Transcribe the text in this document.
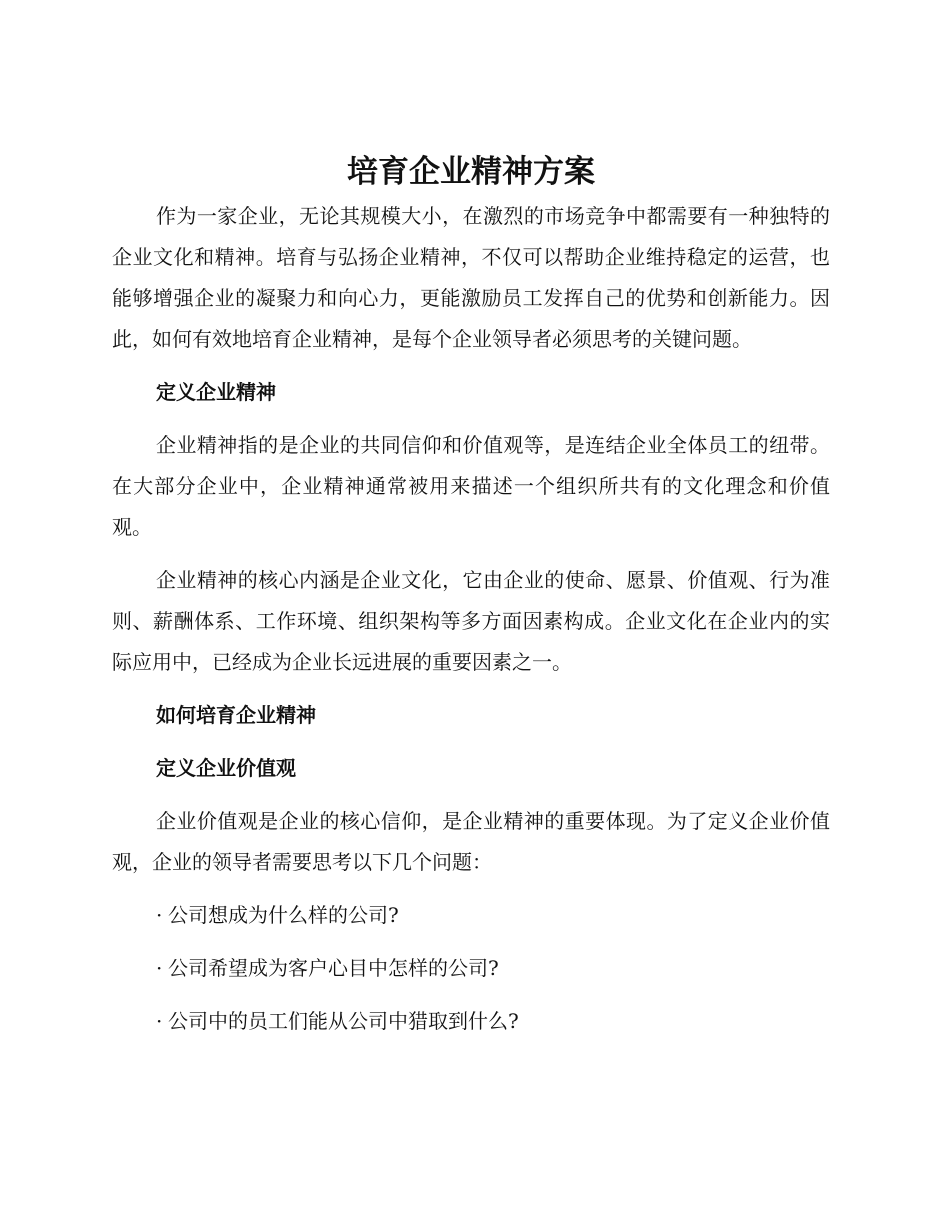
培育企业精神方案

作为一家企业，无论其规模大小，在激烈的市场竞争中都需要有一种独特的企业文化和精神。培育与弘扬企业精神，不仅可以帮助企业维持稳定的运营，也能够增强企业的凝聚力和向心力，更能激励员工发挥自己的优势和创新能力。因此，如何有效地培育企业精神，是每个企业领导者必须思考的关键问题。

定义企业精神

企业精神指的是企业的共同信仰和价值观等，是连结企业全体员工的纽带。在大部分企业中，企业精神通常被用来描述一个组织所共有的文化理念和价值观。

企业精神的核心内涵是企业文化，它由企业的使命、愿景、价值观、行为准则、薪酬体系、工作环境、组织架构等多方面因素构成。企业文化在企业内的实际应用中，已经成为企业长远进展的重要因素之一。

如何培育企业精神
定义企业价值观

企业价值观是企业的核心信仰，是企业精神的重要体现。为了定义企业价值观，企业的领导者需要思考以下几个问题：

· 公司想成为什么样的公司?
· 公司希望成为客户心目中怎样的公司?
· 公司中的员工们能从公司中猎取到什么?
